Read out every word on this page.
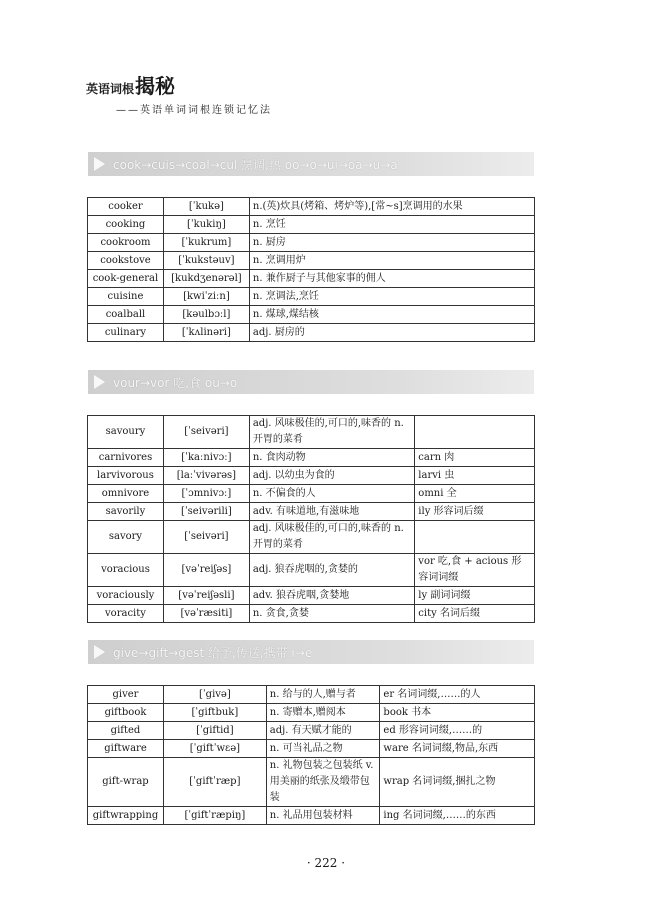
英语词根揭秘
——英语单词词根连锁记忆法
cook→cuis→coal→cul 烹调,热 oo→o→ui→oa→u→a
cooker	[ˈkukə]	n.(英)炊具(烤箱、烤炉等),[常~s]烹调用的水果
cooking	[ˈkukiŋ]	n. 烹饪
cookroom	[ˈkukrum]	n. 厨房
cookstove	[ˈkukstəuv]	n. 烹调用炉
cook-general	[kukdʒenərəl]	n. 兼作厨子与其他家事的佣人
cuisine	[kwiˈziːn]	n. 烹调法,烹饪
coalball	[kəulbɔːl]	n. 煤球,煤结核
culinary	[ˈkʌlinəri]	adj. 厨房的
vour→vor 吃,食 ou→o
savoury	[ˈseivəri]	adj. 风味极佳的,可口的,味香的 n. 开胃的菜肴	
carnivores	[ˈkaːnivɔː]	n. 食肉动物	carn 肉
larvivorous	[laːˈvivərəs]	adj. 以幼虫为食的	larvi 虫
omnivore	[ˈɔmnivɔː]	n. 不偏食的人	omni 全
savorily	[ˈseivərili]	adv. 有味道地,有滋味地	ily 形容词后缀
savory	[ˈseivəri]	adj. 风味极佳的,可口的,味香的 n. 开胃的菜肴	
voracious	[vəˈreiʃəs]	adj. 狼吞虎咽的,贪婪的	vor 吃,食 + acious 形容词词缀
voraciously	[vəˈreiʃəsli]	adv. 狼吞虎咽,贪婪地	ly 副词词缀
voracity	[vəˈræsiti]	n. 贪食,贪婪	city 名词后缀
give→gift→gest 给予,传送,携带 i→e
giver	[ˈgivə]	n. 给与的人,赠与者	er 名词词缀,……的人
giftbook	[ˈgiftbuk]	n. 寄赠本,赠阅本	book 书本
gifted	[ˈgiftid]	adj. 有天赋才能的	ed 形容词词缀,……的
giftware	[ˈgiftˈwɛə]	n. 可当礼品之物	ware 名词词缀,物品,东西
gift-wrap	[ˈgiftˈræp]	n. 礼物包装之包装纸 v. 用美丽的纸张及缎带包装	wrap 名词词缀,捆扎之物
giftwrapping	[ˈgiftˈræpiŋ]	n. 礼品用包装材料	ing 名词词缀,……的东西
· 222 ·
